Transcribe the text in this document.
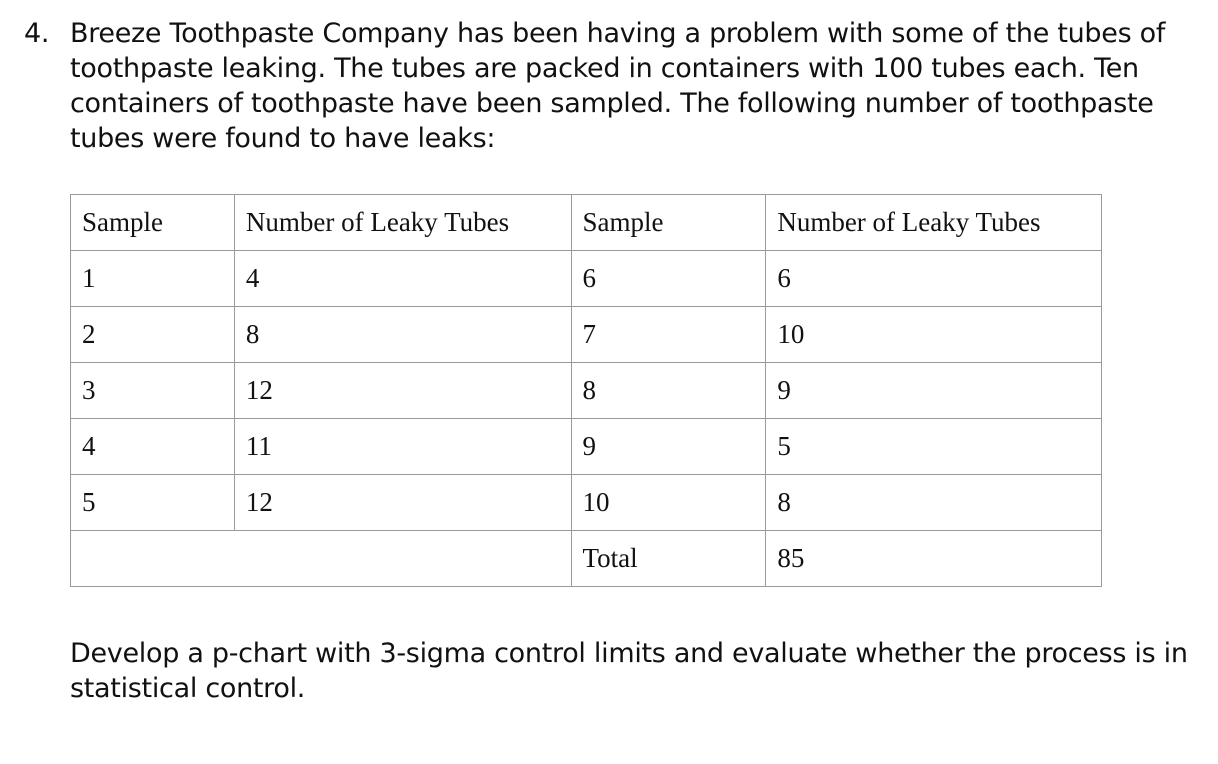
4. Breeze Toothpaste Company has been having a problem with some of the tubes of toothpaste leaking. The tubes are packed in containers with 100 tubes each. Ten containers of toothpaste have been sampled. The following number of toothpaste tubes were found to have leaks:
Sample	Number of Leaky Tubes	Sample	Number of Leaky Tubes
1	4	6	6
2	8	7	10
3	12	8	9
4	11	9	5
5	12	10	8
		Total	85
Develop a p-chart with 3-sigma control limits and evaluate whether the process is in statistical control.
